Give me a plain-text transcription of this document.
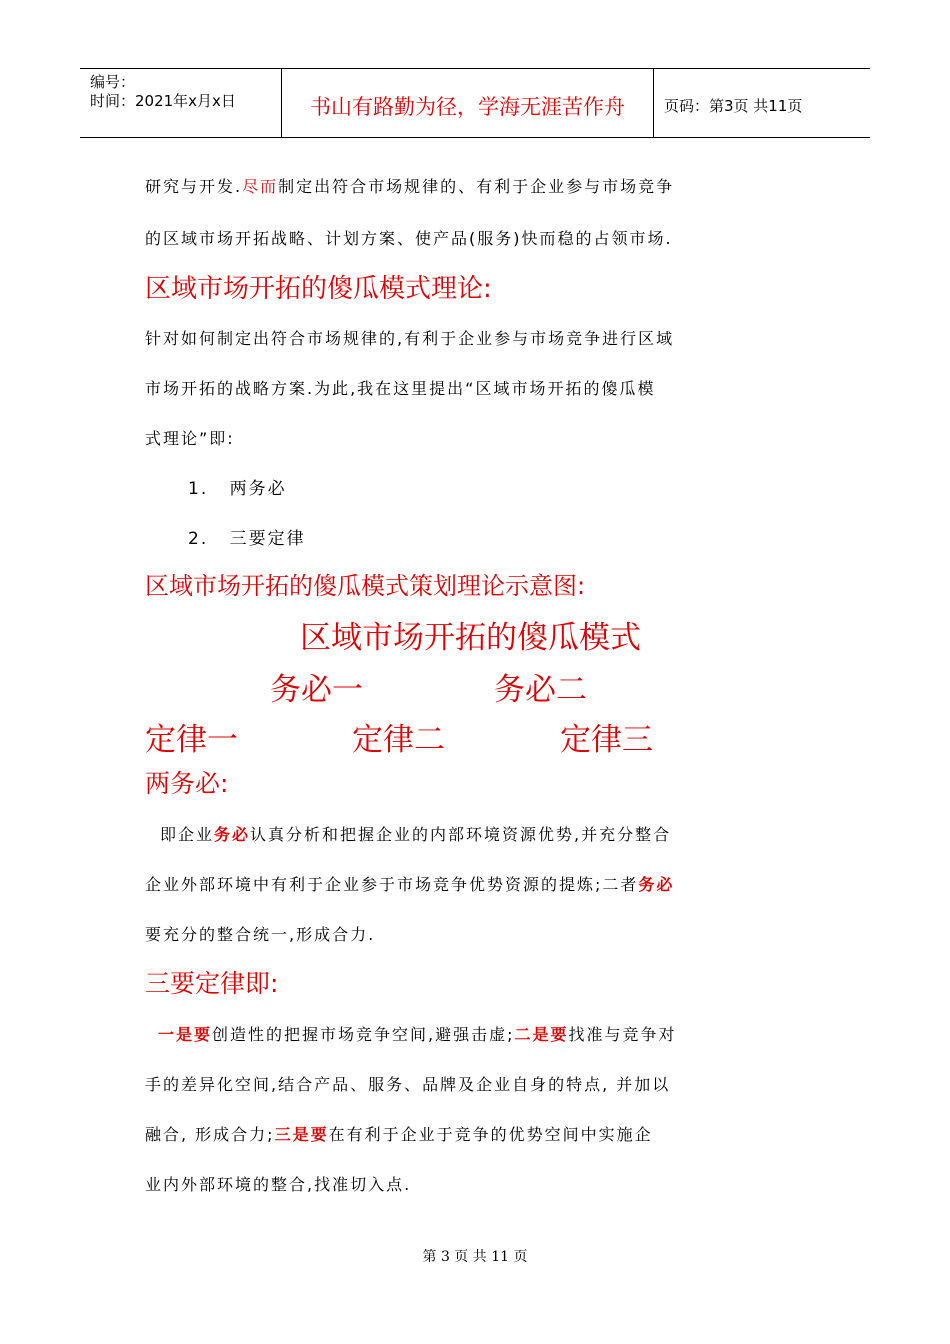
编号：
时间：2021年x月x日	书山有路勤为径，学海无涯苦作舟	页码：第3页 共11页
研究与开发.尽而制定出符合市场规律的、有利于企业参与市场竞争
的区域市场开拓战略、计划方案、使产品(服务)快而稳的占领市场.
区域市场开拓的傻瓜模式理论:
针对如何制定出符合市场规律的,有利于企业参与市场竞争进行区域
市场开拓的战略方案.为此,我在这里提出“区域市场开拓的傻瓜模
式理论”即:
1. 两务必
2. 三要定律
区域市场开拓的傻瓜模式策划理论示意图:
区域市场开拓的傻瓜模式
务必一	务必二
定律一	定律二	定律三
两务必:
即企业务必认真分析和把握企业的内部环境资源优势,并充分整合
企业外部环境中有利于企业参于市场竞争优势资源的提炼;二者务必
要充分的整合统一,形成合力.
三要定律即:
一是要创造性的把握市场竞争空间,避强击虚;二是要找准与竞争对
手的差异化空间,结合产品、服务、品牌及企业自身的特点, 并加以
融合, 形成合力;三是要在有利于企业于竞争的优势空间中实施企
业内外部环境的整合,找准切入点.
第 3 页 共 11 页
